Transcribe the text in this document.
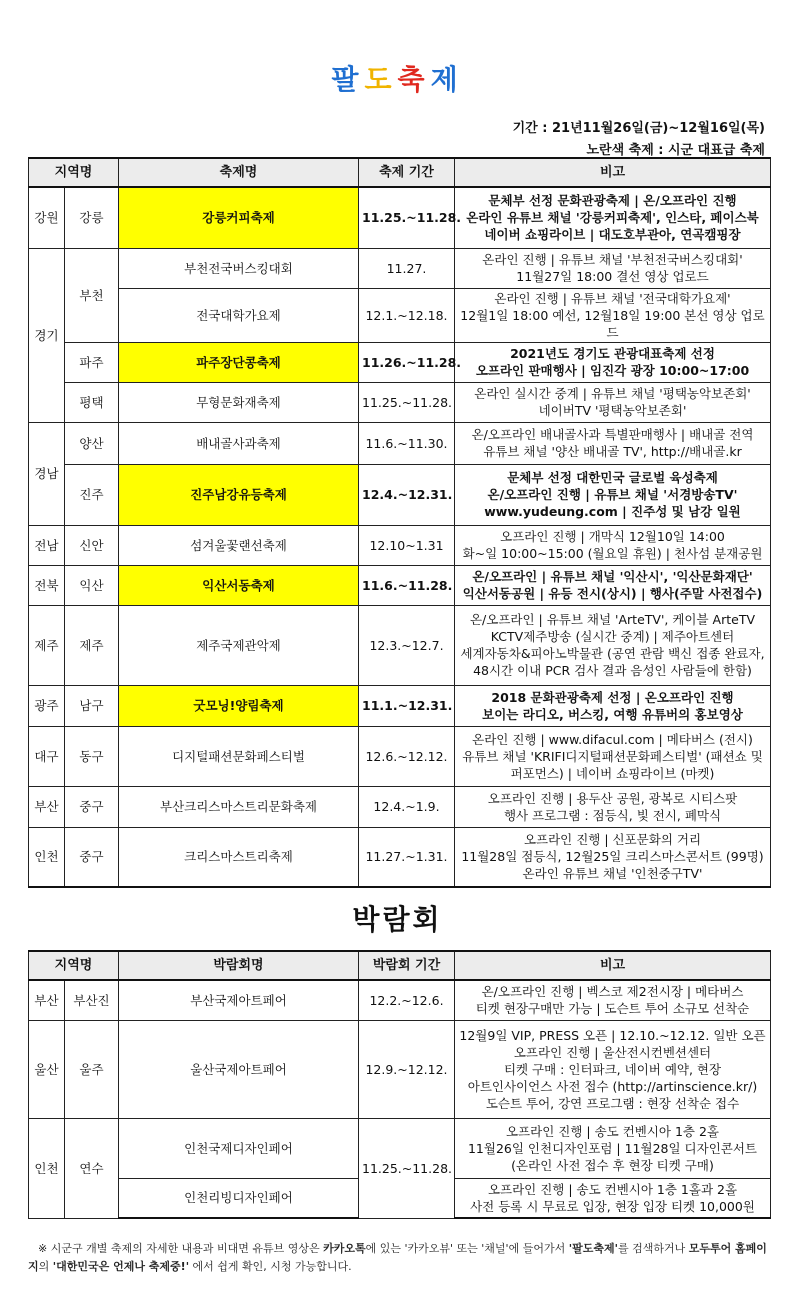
팔도축제
기간 : 21년11월26일(금)~12월16일(목)
노란색 축제 : 시군 대표급 축제
지역명		축제명	축제 기간	비고
강원	강릉	강릉커피축제	11.25.~11.28.	문체부 선정 문화관광축제 | 온/오프라인 진행
온라인 유튜브 채널 '강릉커피축제', 인스타, 페이스북
네이버 쇼핑라이브 | 대도호부관아, 연곡캠핑장

경기	부천	부천전국버스킹대회	11.27.	온라인 진행 | 유튜브 채널 '부천전국버스킹대회'
11월27일 18:00 결선 영상 업로드

		전국대학가요제	12.1.~12.18.	온라인 진행 | 유튜브 채널 '전국대학가요제'
12월1일 18:00 예선, 12월18일 19:00 본선 영상 업로드

	파주	파주장단콩축제	11.26.~11.28.	2021년도 경기도 관광대표축제 선정
오프라인 판매행사 | 임진각 광장 10:00~17:00

	평택	무형문화재축제	11.25.~11.28.	온라인 실시간 중계 | 유튜브 채널 '평택농악보존회'
네이버TV '평택농악보존회'

경남	양산	배내골사과축제	11.6.~11.30.	온/오프라인 배내골사과 특별판매행사 | 배내골 전역
유튜브 채널 '양산 배내골 TV', http://배내골.kr

	진주	진주남강유등축제	12.4.~12.31.	문체부 선정 대한민국 글로벌 육성축제
온/오프라인 진행 | 유튜브 채널 '서경방송TV'
www.yudeung.com | 진주성 및 남강 일원

전남	신안	섬겨울꽃랜선축제	12.10~1.31	오프라인 진행 | 개막식 12월10일 14:00
화~일 10:00~15:00 (월요일 휴원) | 천사섬 분재공원

전북	익산	익산서동축제	11.6.~11.28.	온/오프라인 | 유튜브 채널 '익산시', '익산문화재단'
익산서동공원 | 유등 전시(상시) | 행사(주말 사전접수)

제주	제주	제주국제관악제	12.3.~12.7.	온/오프라인 | 유튜브 채널 'ArteTV', 케이블 ArteTV
KCTV제주방송 (실시간 중계) | 제주아트센터
세계자동차&피아노박물관 (공연 관람 백신 접종 완료자,
48시간 이내 PCR 검사 결과 음성인 사람들에 한함)

광주	남구	굿모닝!양림축제	11.1.~12.31.	2018 문화관광축제 선정 | 온오프라인 진행
보이는 라디오, 버스킹, 여행 유튜버의 홍보영상

대구	동구	디지털패션문화페스티벌	12.6.~12.12.	온라인 진행 | www.difacul.com | 메타버스 (전시)
유튜브 채널 'KRIFI디지털패션문화페스티벌' (패션쇼 및
퍼포먼스) | 네이버 쇼핑라이브 (마켓)

부산	중구	부산크리스마스트리문화축제	12.4.~1.9.	오프라인 진행 | 용두산 공원, 광복로 시티스팟
행사 프로그램 : 점등식, 빛 전시, 폐막식

인천	중구	크리스마스트리축제	11.27.~1.31.	오프라인 진행 | 신포문화의 거리
11월28일 점등식, 12월25일 크리스마스콘서트 (99명)
온라인 유튜브 채널 '인천중구TV'
박람회
지역명		박람회명	박람회 기간	비고
부산	부산진	부산국제아트페어	12.2.~12.6.	온/오프라인 진행 | 벡스코 제2전시장 | 메타버스
티켓 현장구매만 가능 | 도슨트 투어 소규모 선착순

울산	울주	울산국제아트페어	12.9.~12.12.	12월9일 VIP, PRESS 오픈 | 12.10.~12.12. 일반 오픈
오프라인 진행 | 울산전시컨벤션센터
티켓 구매 : 인터파크, 네이버 예약, 현장
아트인사이언스 사전 접수 (http://artinscience.kr/)
도슨트 투어, 강연 프로그램 : 현장 선착순 접수

인천	연수	인천국제디자인페어	11.25.~11.28.	오프라인 진행 | 송도 컨벤시아 1층 2홀
11월26일 인천디자인포럼 | 11월28일 디자인콘서트
(온라인 사전 접수 후 현장 티켓 구매)

		인천리빙디자인페어		오프라인 진행 | 송도 컨벤시아 1층 1홀과 2홀
사전 등록 시 무료로 입장, 현장 입장 티켓 10,000원
※ 시군구 개별 축제의 자세한 내용과 비대면 유튜브 영상은 카카오톡에 있는 '카카오뷰' 또는 '채널'에 들어가서 '팔도축제'를 검색하거나 모두투어 홈페이지의 '대한민국은 언제나 축제중!' 에서 쉽게 확인, 시청 가능합니다.
